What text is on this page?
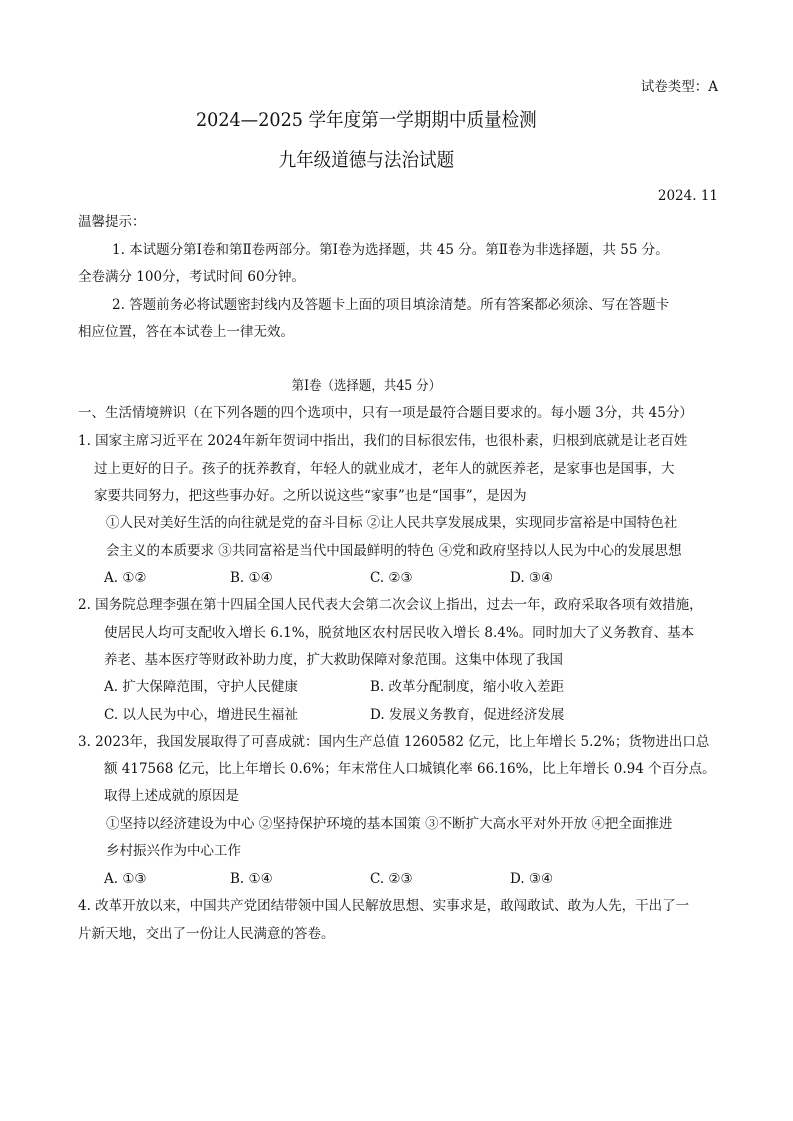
试卷类型：A
2024—2025 学年度第一学期期中质量检测
九年级道德与法治试题
2024. 11
温馨提示：
1. 本试题分第Ⅰ卷和第Ⅱ卷两部分。第Ⅰ卷为选择题，共 45 分。第Ⅱ卷为非选择题，共 55 分。
全卷满分 100分，考试时间 60分钟。
2. 答题前务必将试题密封线内及答题卡上面的项目填涂清楚。所有答案都必须涂、写在答题卡
相应位置，答在本试卷上一律无效。
第Ⅰ卷（选择题，共45 分）
一、生活情境辨识（在下列各题的四个选项中，只有一项是最符合题目要求的。每小题 3分，共 45分）
1. 国家主席习近平在 2024年新年贺词中指出，我们的目标很宏伟，也很朴素，归根到底就是让老百姓
过上更好的日子。孩子的抚养教育，年轻人的就业成才，老年人的就医养老，是家事也是国事，大
家要共同努力，把这些事办好。之所以说这些“家事”也是“国事”，是因为
①人民对美好生活的向往就是党的奋斗目标 ②让人民共享发展成果，实现同步富裕是中国特色社
会主义的本质要求 ③共同富裕是当代中国最鲜明的特色 ④党和政府坚持以人民为中心的发展思想
A. ①②	B. ①④	C. ②③	D. ③④
2. 国务院总理李强在第十四届全国人民代表大会第二次会议上指出，过去一年，政府采取各项有效措施，
使居民人均可支配收入增长 6.1%，脱贫地区农村居民收入增长 8.4%。同时加大了义务教育、基本
养老、基本医疗等财政补助力度，扩大救助保障对象范围。这集中体现了我国
A. 扩大保障范围，守护人民健康	B. 改革分配制度，缩小收入差距
C. 以人民为中心，增进民生福祉	D. 发展义务教育，促进经济发展
3. 2023年，我国发展取得了可喜成就：国内生产总值 1260582 亿元，比上年增长 5.2%；货物进出口总
额 417568 亿元，比上年增长 0.6%；年末常住人口城镇化率 66.16%，比上年增长 0.94 个百分点。
取得上述成就的原因是
①坚持以经济建设为中心 ②坚持保护环境的基本国策 ③不断扩大高水平对外开放 ④把全面推进
乡村振兴作为中心工作
A. ①③	B. ①④	C. ②③	D. ③④
4. 改革开放以来，中国共产党团结带领中国人民解放思想、实事求是，敢闯敢试、敢为人先，干出了一
片新天地，交出了一份让人民满意的答卷。
